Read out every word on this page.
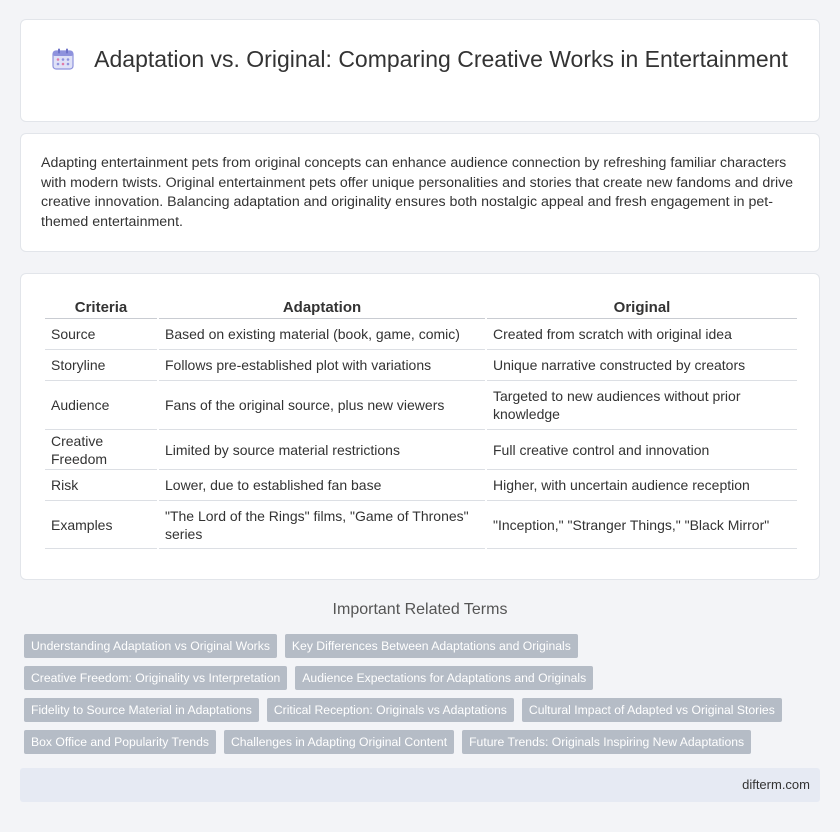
Adaptation vs. Original: Comparing Creative Works in Entertainment

Adapting entertainment pets from original concepts can enhance audience connection by refreshing familiar characters with modern twists. Original entertainment pets offer unique personalities and stories that create new fandoms and drive creative innovation. Balancing adaptation and originality ensures both nostalgic appeal and fresh engagement in pet-themed entertainment.

Criteria	Adaptation	Original
Source	Based on existing material (book, game, comic)	Created from scratch with original idea
Storyline	Follows pre-established plot with variations	Unique narrative constructed by creators
Audience	Fans of the original source, plus new viewers	Targeted to new audiences without prior knowledge
Creative Freedom	Limited by source material restrictions	Full creative control and innovation
Risk	Lower, due to established fan base	Higher, with uncertain audience reception
Examples	"The Lord of the Rings" films, "Game of Thrones" series	"Inception," "Stranger Things," "Black Mirror"
Important Related Terms
Understanding Adaptation vs Original Works	Key Differences Between Adaptations and Originals
Creative Freedom: Originality vs Interpretation	Audience Expectations for Adaptations and Originals
Fidelity to Source Material in Adaptations	Critical Reception: Originals vs Adaptations	Cultural Impact of Adapted vs Original Stories
Box Office and Popularity Trends	Challenges in Adapting Original Content	Future Trends: Originals Inspiring New Adaptations
difterm.com
